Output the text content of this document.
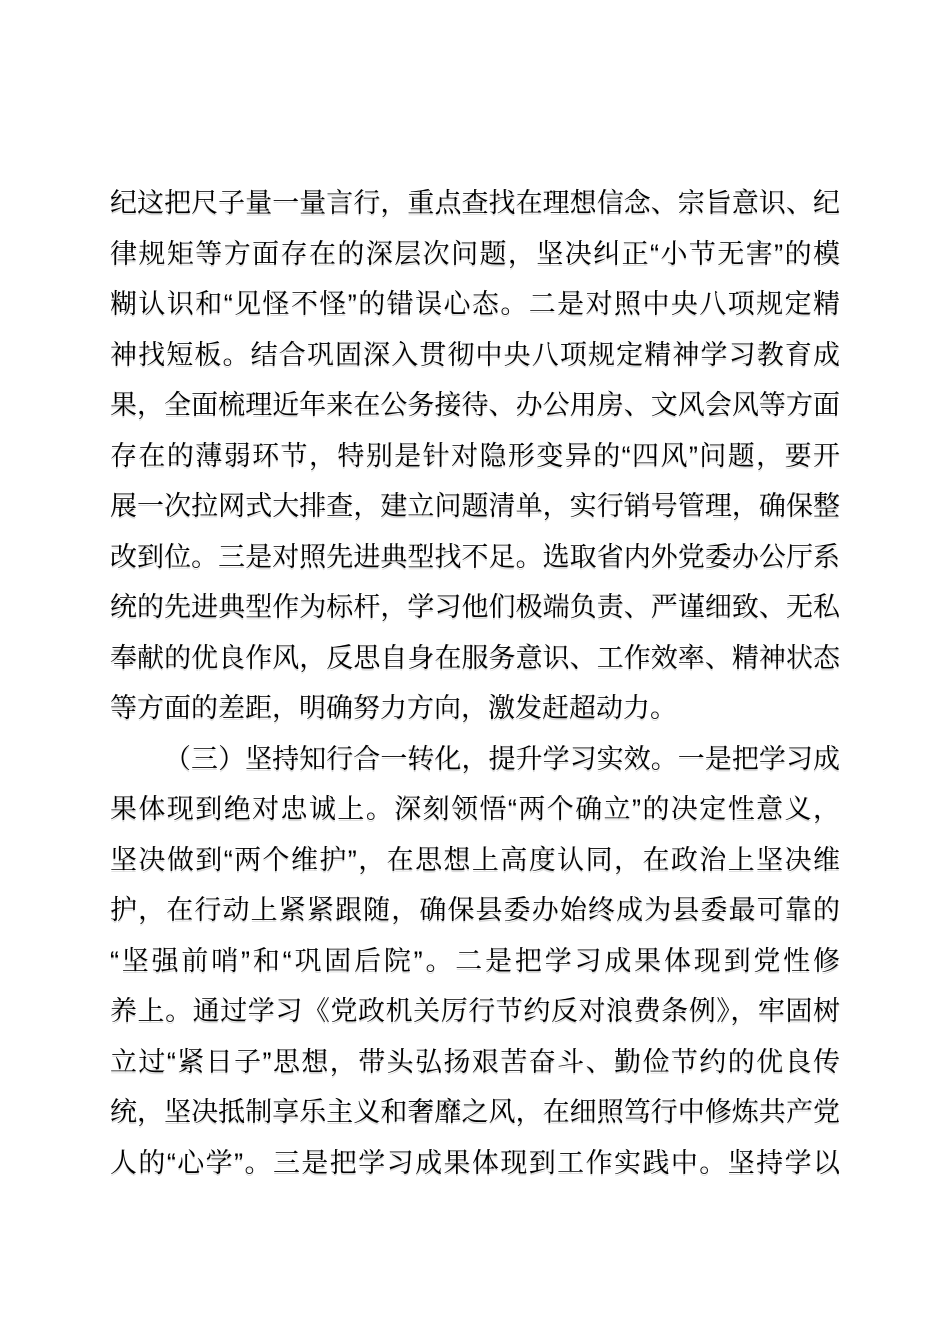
纪这把尺子量一量言行，重点查找在理想信念、宗旨意识、纪
律规矩等方面存在的深层次问题，坚决纠正“小节无害”的模
糊认识和“见怪不怪”的错误心态。二是对照中央八项规定精
神找短板。结合巩固深入贯彻中央八项规定精神学习教育成
果，全面梳理近年来在公务接待、办公用房、文风会风等方面
存在的薄弱环节，特别是针对隐形变异的“四风”问题，要开
展一次拉网式大排查，建立问题清单，实行销号管理，确保整
改到位。三是对照先进典型找不足。选取省内外党委办公厅系
统的先进典型作为标杆，学习他们极端负责、严谨细致、无私
奉献的优良作风，反思自身在服务意识、工作效率、精神状态
等方面的差距，明确努力方向，激发赶超动力。
（三）坚持知行合一转化，提升学习实效。一是把学习成
果体现到绝对忠诚上。深刻领悟“两个确立”的决定性意义，
坚决做到“两个维护”，在思想上高度认同，在政治上坚决维
护，在行动上紧紧跟随，确保县委办始终成为县委最可靠的
“坚强前哨”和“巩固后院”。二是把学习成果体现到党性修
养上。通过学习《党政机关厉行节约反对浪费条例》，牢固树
立过“紧日子”思想，带头弘扬艰苦奋斗、勤俭节约的优良传
统，坚决抵制享乐主义和奢靡之风，在细照笃行中修炼共产党
人的“心学”。三是把学习成果体现到工作实践中。坚持学以
